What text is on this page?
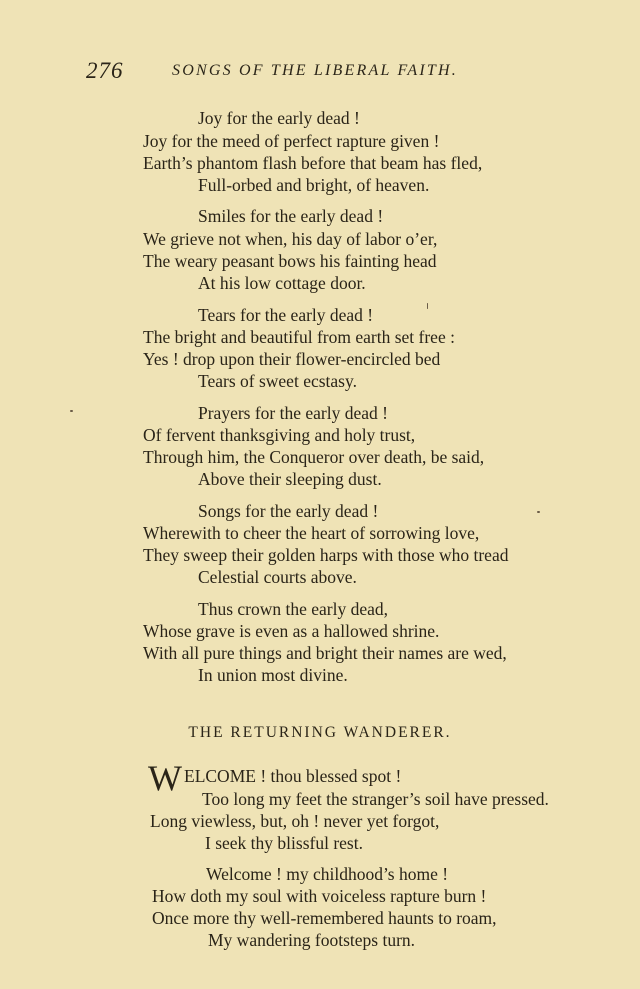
276	SONGS OF THE LIBERAL FAITH.
Joy for the early dead !
Joy for the meed of perfect rapture given !
Earth’s phantom flash before that beam has fled,
Full-orbed and bright, of heaven.
Smiles for the early dead !
We grieve not when, his day of labor o’er,
The weary peasant bows his fainting head
At his low cottage door.
Tears for the early dead !
The bright and beautiful from earth set free :
Yes ! drop upon their flower-encircled bed
Tears of sweet ecstasy.
Prayers for the early dead !
Of fervent thanksgiving and holy trust,
Through him, the Conqueror over death, be said,
Above their sleeping dust.
Songs for the early dead !
Wherewith to cheer the heart of sorrowing love,
They sweep their golden harps with those who tread
Celestial courts above.
Thus crown the early dead,
Whose grave is even as a hallowed shrine.
With all pure things and bright their names are wed,
In union most divine.
THE RETURNING WANDERER.
W ELCOME ! thou blessed spot !
Too long my feet the stranger’s soil have pressed.
Long viewless, but, oh ! never yet forgot,
I seek thy blissful rest.
Welcome ! my childhood’s home !
How doth my soul with voiceless rapture burn !
Once more thy well-remembered haunts to roam,
My wandering footsteps turn.
